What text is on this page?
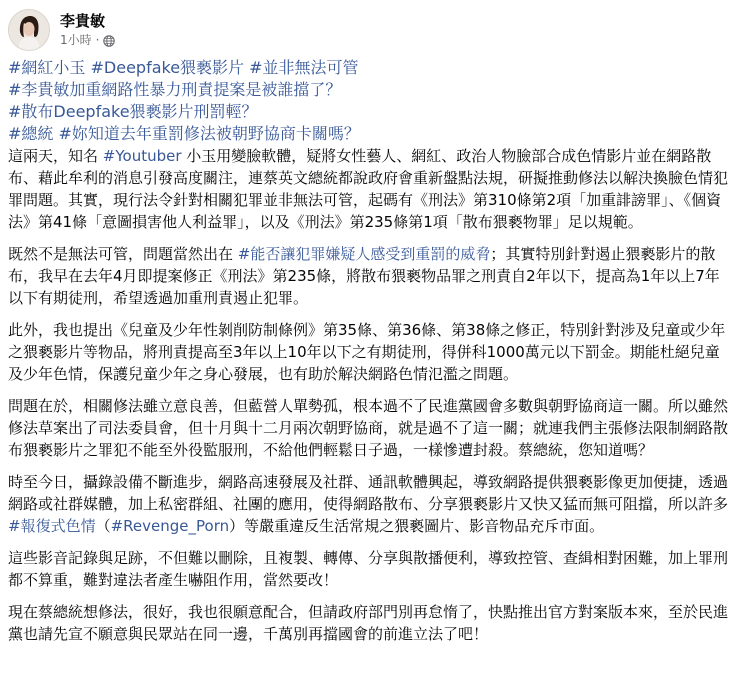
李貴敏
1小時 ·

#網紅小玉 #Deepfake猥褻影片 #並非無法可管

#李貴敏加重網路性暴力刑責提案是被誰擋了？

#散布Deepfake猥褻影片刑罰輕？

#總統 #妳知道去年重罰修法被朝野協商卡關嗎？

這兩天，知名 #Youtuber 小玉用變臉軟體，疑將女性藝人、網紅、政治人物臉部合成色情影片並在網路散布、藉此牟利的消息引發高度關注，連蔡英文總統都說政府會重新盤點法規，研擬推動修法以解決換臉色情犯罪問題。其實，現行法令針對相關犯罪並非無法可管，起碼有《刑法》第310條第2項「加重誹謗罪」、《個資法》第41條「意圖損害他人利益罪」，以及《刑法》第235條第1項「散布猥褻物罪」足以規範。

既然不是無法可管，問題當然出在 #能否讓犯罪嫌疑人感受到重罰的威脅；其實特別針對遏止猥褻影片的散布，我早在去年4月即提案修正《刑法》第235條，將散布猥褻物品罪之刑責自2年以下，提高為1年以上7年以下有期徒刑，希望透過加重刑責遏止犯罪。

此外，我也提出《兒童及少年性剝削防制條例》第35條、第36條、第38條之修正，特別針對涉及兒童或少年之猥褻影片等物品，將刑責提高至3年以上10年以下之有期徒刑，得併科1000萬元以下罰金。期能杜絕兒童及少年色情，保護兒童少年之身心發展，也有助於解決網路色情氾濫之問題。

問題在於，相關修法雖立意良善，但藍營人單勢孤，根本過不了民進黨國會多數與朝野協商這一關。所以雖然修法草案出了司法委員會，但十月與十二月兩次朝野協商，就是過不了這一關；就連我們主張修法限制網路散布猥褻影片之罪犯不能至外役監服刑，不給他們輕鬆日子過，一樣慘遭封殺。蔡總統，您知道嗎？

時至今日，攝錄設備不斷進步，網路高速發展及社群、通訊軟體興起，導致網路提供猥褻影像更加便捷，透過網路或社群媒體，加上私密群組、社團的應用，使得網路散布、分享猥褻影片又快又猛而無可阻擋，所以許多 #報復式色情（#Revenge_Porn）等嚴重違反生活常規之猥褻圖片、影音物品充斥市面。

這些影音記錄與足跡，不但難以刪除，且複製、轉傳、分享與散播便利，導致控管、查緝相對困難，加上罪刑都不算重，難對違法者產生嚇阻作用，當然要改！

現在蔡總統想修法，很好，我也很願意配合，但請政府部門別再怠惰了，快點推出官方對案版本來，至於民進黨也請先宣不願意與民眾站在同一邊，千萬別再擋國會的前進立法了吧！
